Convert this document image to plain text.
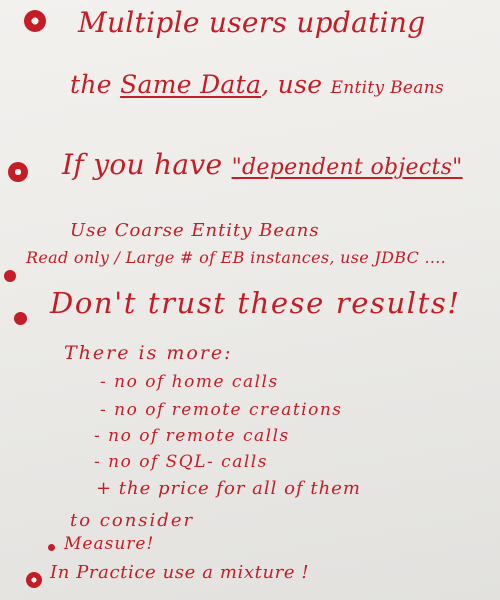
Multiple users updating
the Same Data, use Entity Beans
If you have "dependent objects"
Use Coarse Entity Beans
Read only / Large # of EB instances, use JDBC ....
Don't trust these results!
There is more:
- no of home calls
- no of remote creations
- no of remote calls
- no of SQL- calls
+ the price for all of them
to consider
Measure!
In Practice use a mixture !
